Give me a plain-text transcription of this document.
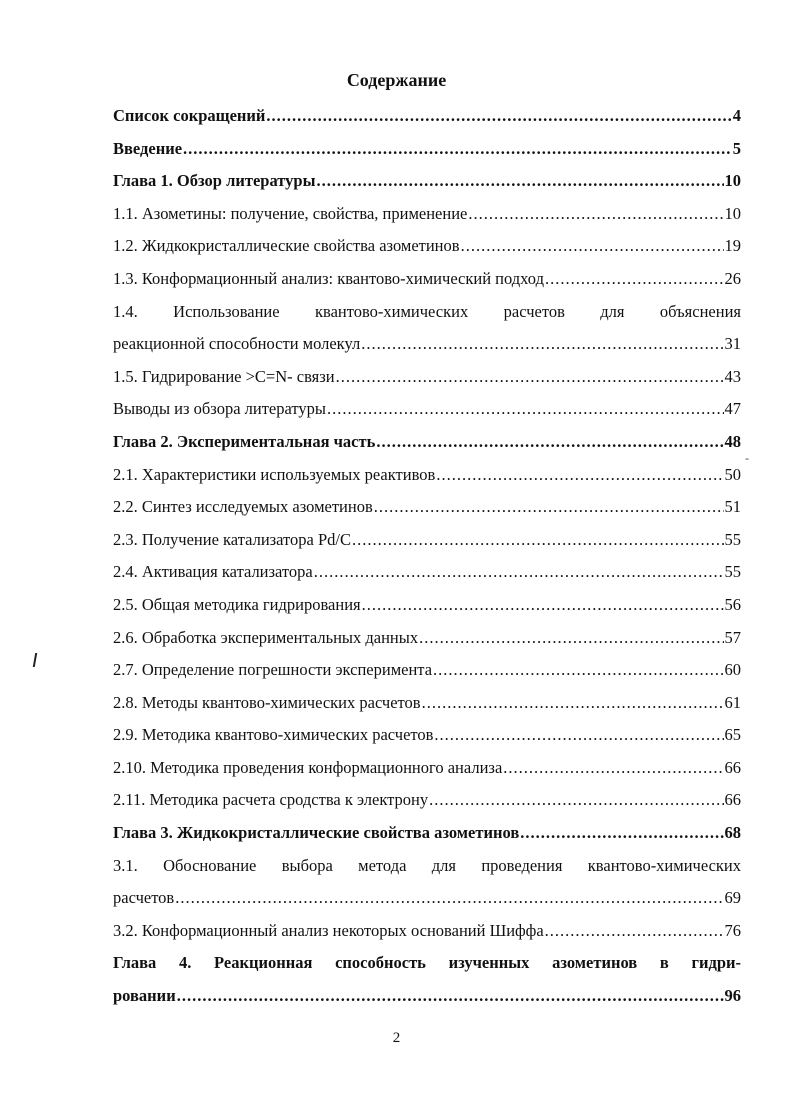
Содержание
Список сокращений .....	4
Введение .....	5
Глава 1. Обзор литературы .....	10
1.1. Азометины: получение, свойства, применение .....	10
1.2. Жидкокристаллические свойства азометинов .....	19
1.3. Конформационный анализ: квантово-химический подход .....	26
1.4. Использование квантово-химических расчетов для объяснения
реакционной способности молекул .....	31
1.5. Гидрирование >C=N- связи .....	43
Выводы из обзора литературы .....	47
Глава 2. Экспериментальная часть .....	48
2.1. Характеристики используемых реактивов .....	50
2.2. Синтез исследуемых азометинов .....	51
2.3. Получение катализатора Pd/C .....	55
2.4. Активация катализатора .....	55
2.5. Общая методика гидрирования .....	56
2.6. Обработка экспериментальных данных .....	57
2.7. Определение погрешности эксперимента .....	60
2.8. Методы квантово-химических расчетов .....	61
2.9. Методика квантово-химических расчетов .....	65
2.10. Методика проведения конформационного анализа .....	66
2.11. Методика расчета сродства к электрону .....	66
Глава 3. Жидкокристаллические свойства азометинов .....	68
3.1. Обоснование выбора метода для проведения квантово-химических
расчетов .....	69
3.2. Конформационный анализ некоторых оснований Шиффа .....	76
Глава 4. Реакционная способность изученных азометинов в гидри-
ровании .....	96
-
2
